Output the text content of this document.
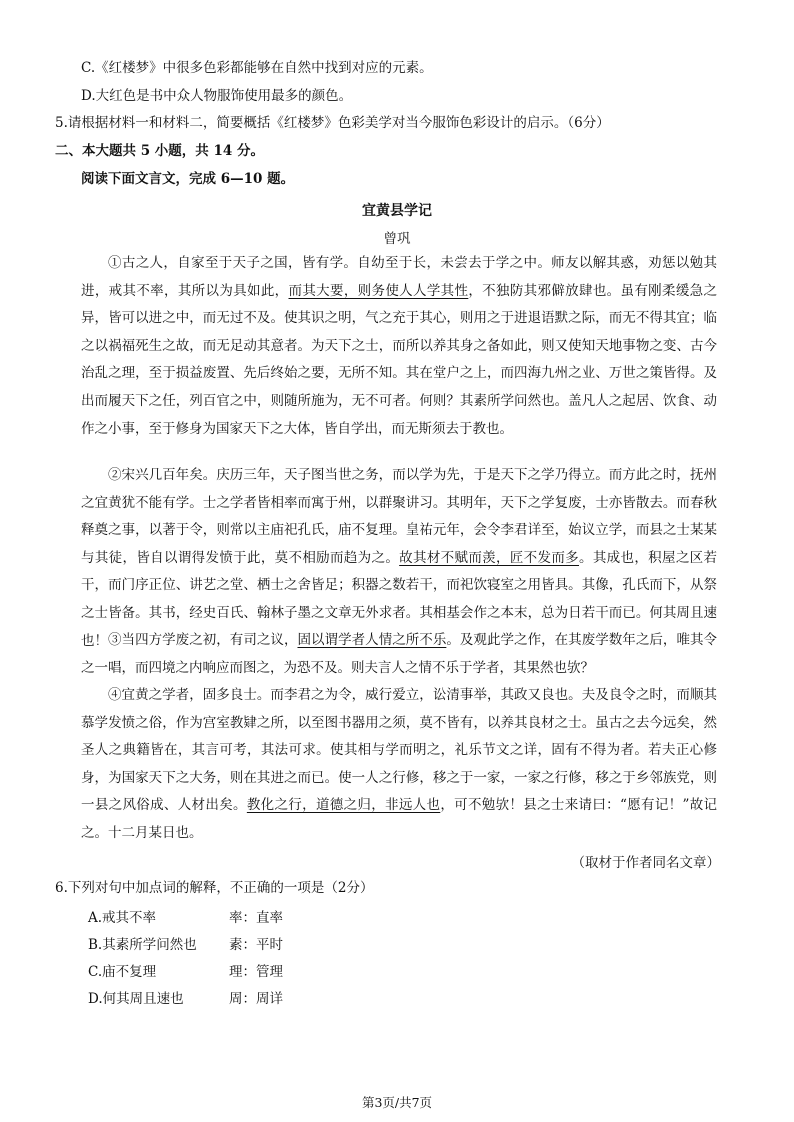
C.《红楼梦》中很多色彩都能够在自然中找到对应的元素。
D.大红色是书中众人物服饰使用最多的颜色。
5.请根据材料一和材料二，简要概括《红楼梦》色彩美学对当今服饰色彩设计的启示。（6分）
二、本大题共 5 小题，共 14 分。
阅读下面文言文，完成 6—10 题。
宜黄县学记
曾巩
①古之人，自家至于天子之国，皆有学。自幼至于长，未尝去于学之中。师友以解其惑，劝惩以勉其进，戒其不率，其所以为具如此，而其大要，则务使人人学其性，不独防其邪僻放肆也。虽有刚柔缓急之异，皆可以进之中，而无过不及。使其识之明，气之充于其心，则用之于进退语默之际，而无不得其宜；临之以祸福死生之故，而无足动其意者。为天下之士，而所以养其身之备如此，则又使知天地事物之变、古今治乱之理，至于损益废置、先后终始之要，无所不知。其在堂户之上，而四海九州之业、万世之策皆得。及出而履天下之任，列百官之中，则随所施为，无不可者。何则？其素所学问然也。盖凡人之起居、饮食、动作之小事，至于修身为国家天下之大体，皆自学出，而无斯须去于教也。
②宋兴几百年矣。庆历三年，天子图当世之务，而以学为先，于是天下之学乃得立。而方此之时，抚州之宜黄犹不能有学。士之学者皆相率而寓于州，以群聚讲习。其明年，天下之学复废，士亦皆散去。而春秋释奠之事，以著于令，则常以主庙祀孔氏，庙不复理。皇祐元年，会令李君详至，始议立学，而县之士某某与其徒，皆自以谓得发愤于此，莫不相励而趋为之。故其材不赋而羡，匠不发而多。其成也，积屋之区若干，而门序正位、讲艺之堂、栖士之舍皆足；积器之数若干，而祀饮寝室之用皆具。其像，孔氏而下，从祭之士皆备。其书，经史百氏、翰林子墨之文章无外求者。其相基会作之本末，总为日若干而已。何其周且速也！ ③当四方学废之初，有司之议，固以谓学者人情之所不乐。及观此学之作，在其废学数年之后，唯其令之一唱，而四境之内响应而图之，为恐不及。则夫言人之情不乐于学者，其果然也欤？
④宜黄之学者，固多良士。而李君之为令，威行爱立，讼清事举，其政又良也。夫及良令之时，而顺其慕学发愤之俗，作为宫室教肄之所，以至图书器用之须，莫不皆有，以养其良材之士。虽古之去今远矣，然圣人之典籍皆在，其言可考，其法可求。使其相与学而明之，礼乐节文之详，固有不得为者。若夫正心修身，为国家天下之大务，则在其进之而已。使一人之行修，移之于一家，一家之行修，移之于乡邻族党，则一县之风俗成、人材出矣。教化之行，道德之归，非远人也，可不勉欤！县之士来请曰：“愿有记！”故记之。十二月某日也。
（取材于作者同名文章）
6.下列对句中加点词的解释，不正确的一项是（2分）
A.戒其不率	率：直率
B.其素所学问然也 素：平时
C.庙不复理	理：管理
D.何其周且速也	周：周详
第3页/共7页
